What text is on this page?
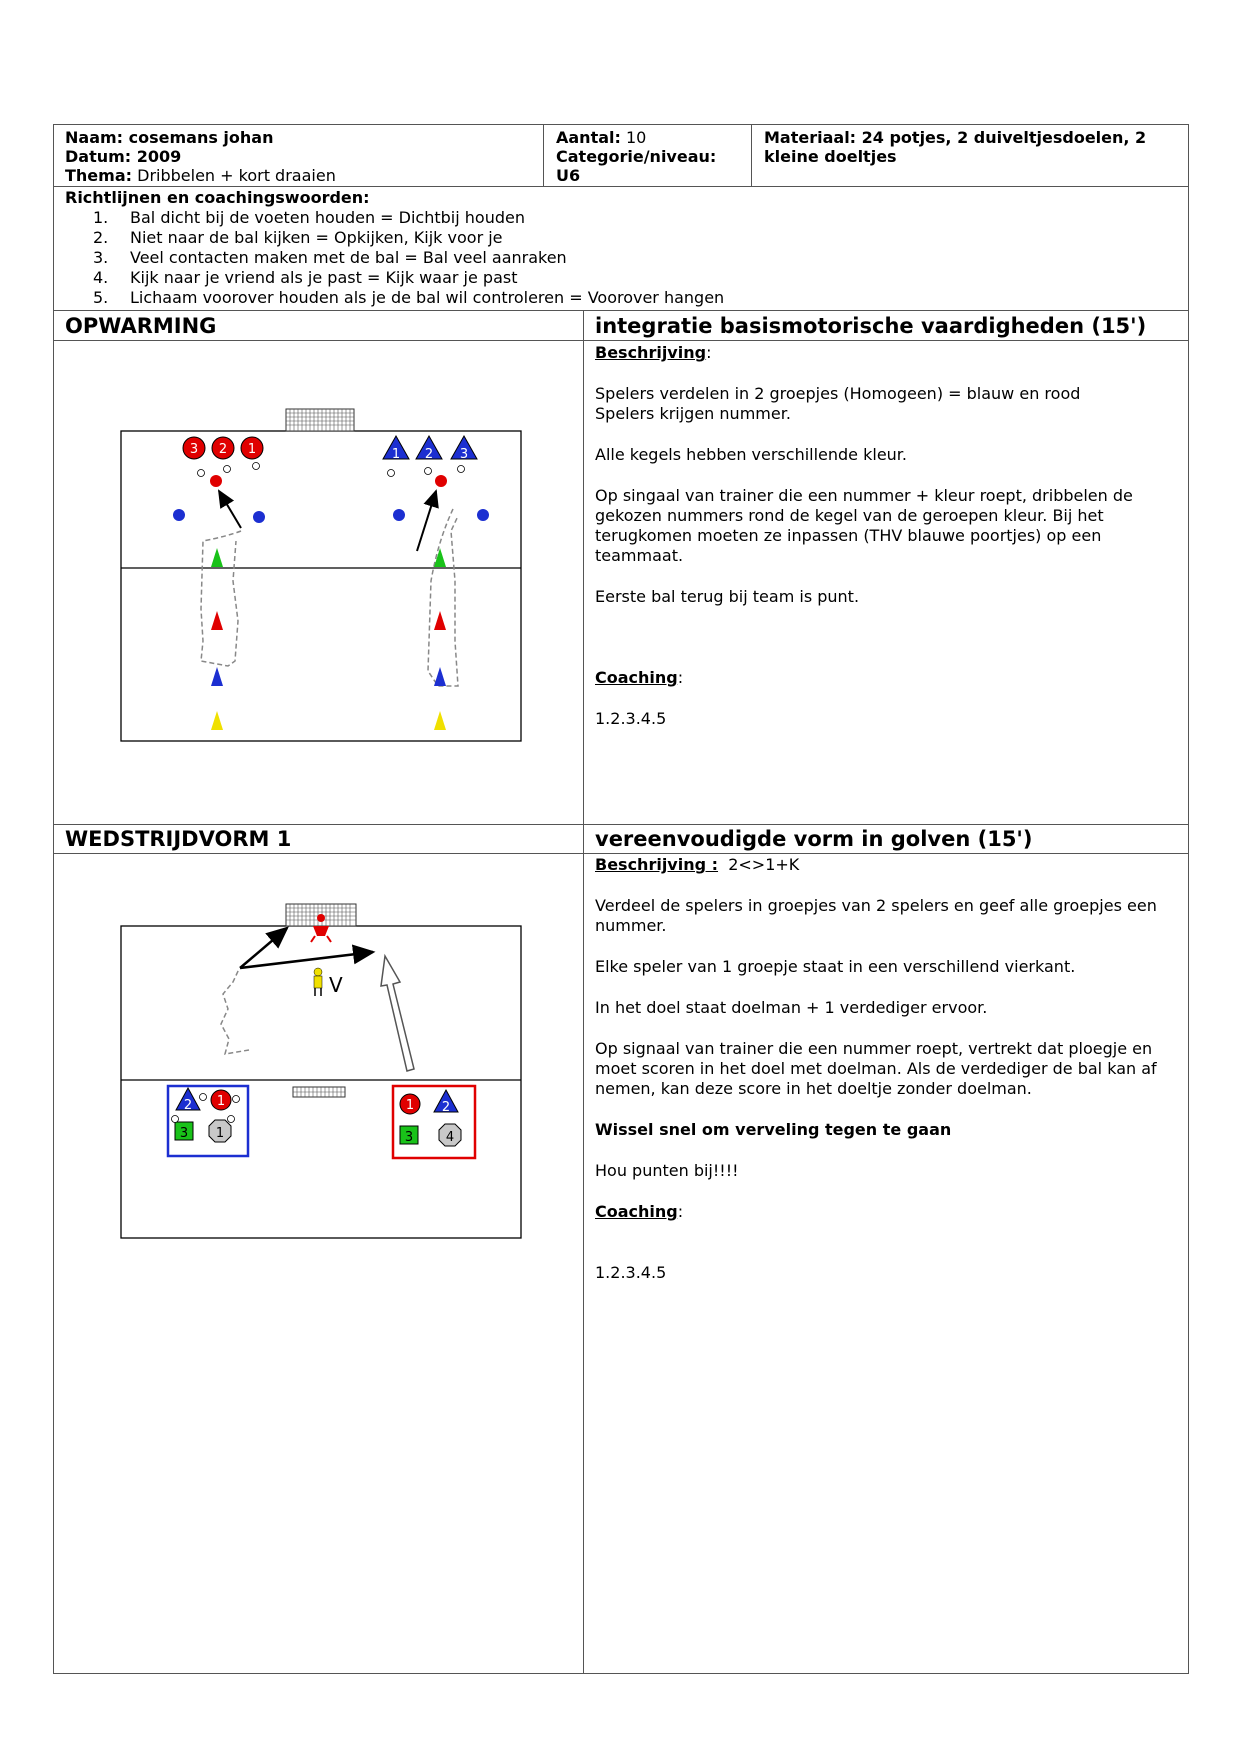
Naam: cosemans johan
Datum: 2009
Thema: Dribbelen + kort draaien
Aantal: 10
Categorie/niveau:
U6
Materiaal: 24 potjes, 2 duiveltjesdoelen, 2
kleine doeltjes
Richtlijnen en coachingswoorden:
1. Bal dicht bij de voeten houden = Dichtbij houden
2. Niet naar de bal kijken = Opkijken, Kijk voor je
3. Veel contacten maken met de bal = Bal veel aanraken
4. Kijk naar je vriend als je past = Kijk waar je past
5. Lichaam voorover houden als je de bal wil controleren = Voorover hangen
OPWARMING	integratie basismotorische vaardigheden (15')

Beschrijving:

Spelers verdelen in 2 groepjes (Homogeen) = blauw en rood
Spelers krijgen nummer.

Alle kegels hebben verschillende kleur.

Op singaal van trainer die een nummer + kleur roept, dribbelen de gekozen nummers rond de kegel van de geroepen kleur. Bij het terugkomen moeten ze inpassen (THV blauwe poortjes) op een teammaat.

Eerste bal terug bij team is punt.

Coaching:

1.2.3.4.5

3 2 1	1 2 3
WEDSTRIJDVORM 1	vereenvoudigde vorm in golven (15')

Beschrijving :  2<>1+K

Verdeel de spelers in groepjes van 2 spelers en geef alle groepjes een nummer.

Elke speler van 1 groepje staat in een verschillend vierkant.

In het doel staat doelman + 1 verdediger ervoor.

Op signaal van trainer die een nummer roept, vertrekt dat ploegje en moet scoren in het doel met doelman. Als de verdediger de bal kan af nemen, kan deze score in het doeltje zonder doelman.

Wissel snel om verveling tegen te gaan

Hou punten bij!!!!

Coaching:

1.2.3.4.5

V
2 1
3 1
1 2
3	4
